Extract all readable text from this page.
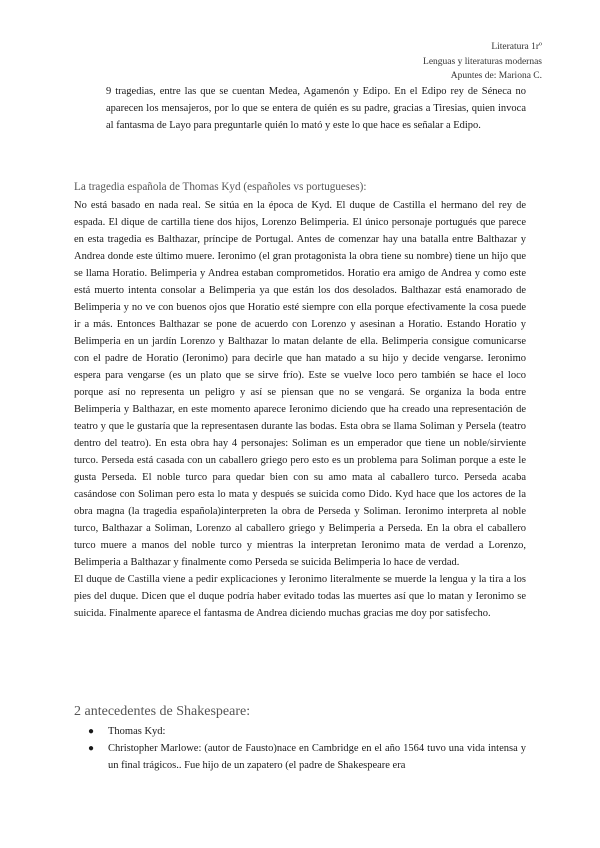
Literatura 1rº
Lenguas y literaturas modernas
Apuntes de: Mariona C.
9 tragedias, entre las que se cuentan Medea, Agamenón y Edipo. En el Edipo rey de Séneca no aparecen los mensajeros, por lo que se entera de quién es su padre, gracias a Tiresias, quien invoca al fantasma de Layo para preguntarle quién lo mató y este lo que hace es señalar a Edipo.
La tragedia española de Thomas Kyd (españoles vs portugueses):

No está basado en nada real. Se sitúa en la época de Kyd. El duque de Castilla el hermano del rey de espada. El dique de cartilla tiene dos hijos, Lorenzo Belimperia. El único personaje portugués que parece en esta tragedia es Balthazar, príncipe de Portugal. Antes de comenzar hay una batalla entre Balthazar y Andrea donde este último muere. Ieronimo (el gran protagonista la obra tiene su nombre) tiene un hijo que se llama Horatio. Belimperia y Andrea estaban comprometidos. Horatio era amigo de Andrea y como este está muerto intenta consolar a Belimperia ya que están los dos desolados. Balthazar está enamorado de Belimperia y no ve con buenos ojos que Horatio esté siempre con ella porque efectivamente la cosa puede ir a más. Entonces Balthazar se pone de acuerdo con Lorenzo y asesinan a Horatio. Estando Horatio y Belimperia en un jardín Lorenzo y Balthazar lo matan delante de ella. Belimperia consigue comunicarse con el padre de Horatio (Ieronimo) para decirle que han matado a su hijo y decide vengarse. Ieronimo espera para vengarse (es un plato que se sirve frío). Este se vuelve loco pero también se hace el loco porque así no representa un peligro y así se piensan que no se vengará. Se organiza la boda entre Belimperia y Balthazar, en este momento aparece Ieronimo diciendo que ha creado una representación de teatro y que le gustaría que la representasen durante las bodas. Esta obra se llama Soliman y Persela (teatro dentro del teatro). En esta obra hay 4 personajes: Soliman es un emperador que tiene un noble/sirviente turco. Perseda está casada con un caballero griego pero esto es un problema para Soliman porque a este le gusta Perseda. El noble turco para quedar bien con su amo mata al caballero turco. Perseda acaba casándose con Soliman pero esta lo mata y después se suicida como Dido. Kyd hace que los actores de la obra magna (la tragedia española)interpreten la obra de Perseda y Soliman. Ieronimo interpreta al noble turco, Balthazar a Soliman, Lorenzo al caballero griego y Belimperia a Perseda. En la obra el caballero turco muere a manos del noble turco y mientras la interpretan Ieronimo mata de verdad a Lorenzo, Belimperia a Balthazar y finalmente como Perseda se suicida Belimperia lo hace de verdad.

El duque de Castilla viene a pedir explicaciones y Ieronimo literalmente se muerde la lengua y la tira a los pies del duque. Dicen que el duque podría haber evitado todas las muertes así que lo matan y Ieronimo se suicida. Finalmente aparece el fantasma de Andrea diciendo muchas gracias me doy por satisfecho.

2 antecedentes de Shakespeare:
● Thomas Kyd:
● Christopher Marlowe: (autor de Fausto)nace en Cambridge en el año 1564 tuvo una vida intensa y un final trágicos.. Fue hijo de un zapatero (el padre de Shakespeare era
